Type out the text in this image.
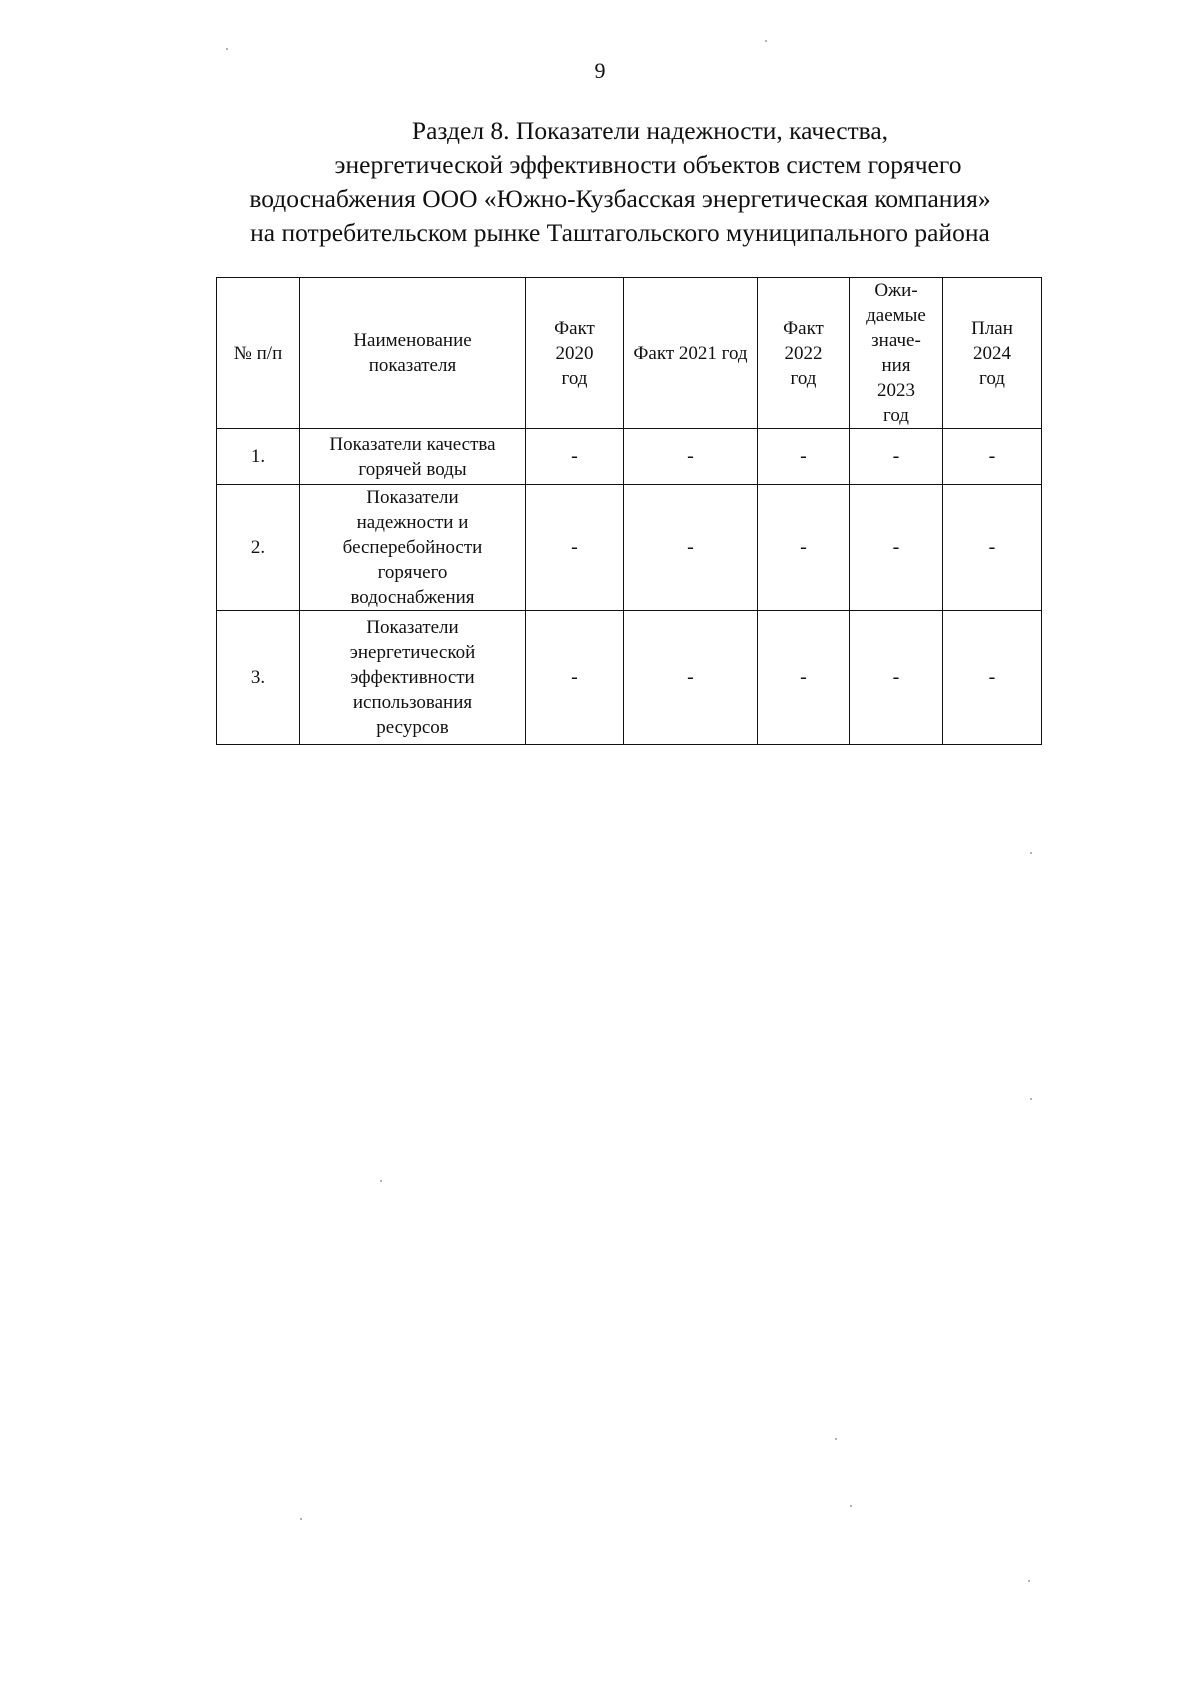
9
Раздел 8. Показатели надежности, качества,
энергетической эффективности объектов систем горячего
водоснабжения ООО «Южно-Кузбасская энергетическая компания»
на потребительском рынке Таштагольского муниципального района
№ п/п	Наименование показателя	Факт 2020 год	Факт 2021 год	Факт 2022 год	Ожи-даемые значе-ния 2023 год	План 2024 год
1.	Показатели качества горячей воды	-	-	-	-	-
2.	Показатели надежности и бесперебойности горячего водоснабжения	-	-	-	-	-
3.	Показатели энергетической эффективности использования ресурсов	-	-	-	-	-
